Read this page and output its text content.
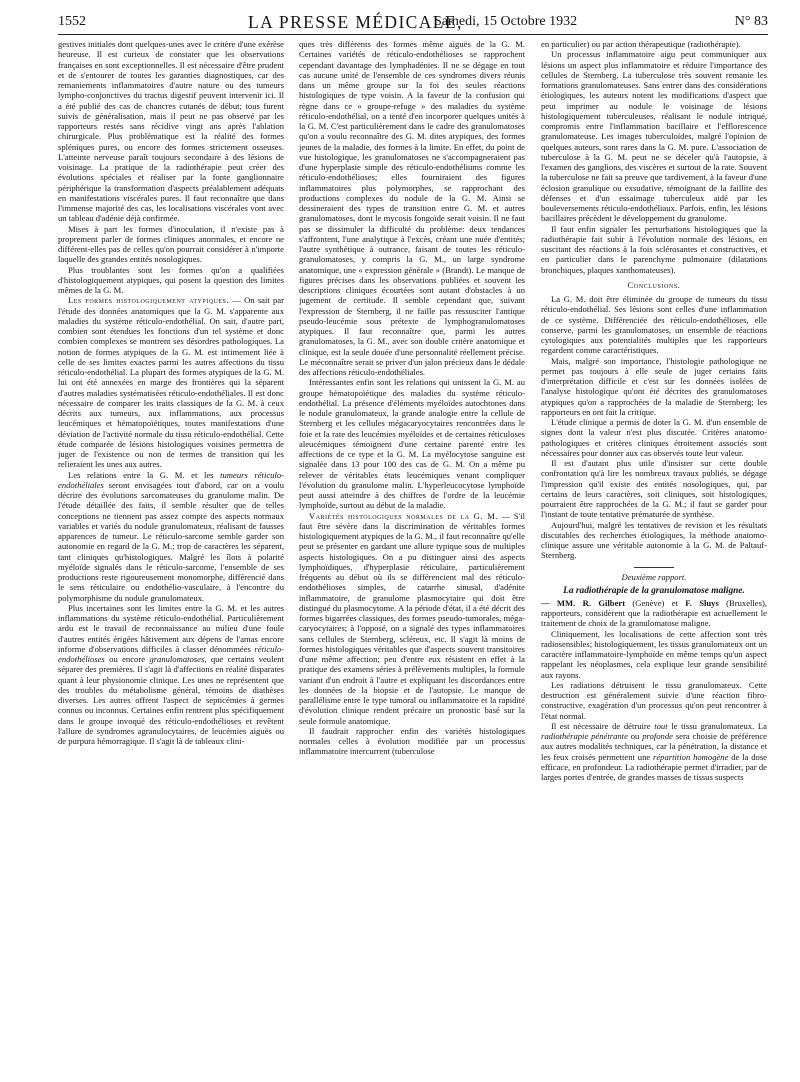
1552	LA PRESSE MÉDICALE,
Samedi, 15 Octobre 1932	N° 83

gestives initiales dont quelques-unes avec le critère d'une exérèse heureuse. Il est curieux de constater que les observations françaises en sont exceptionnelles. Il est nécessaire d'être prudent et de s'entourer de toutes les garanties diagnostiques, car des remaniements inflammatoires d'autre nature ou des tumeurs lympho-conjonctives du tractus digestif peuvent intervenir ici. Il a été publié des cas de chancres cutanés de début; tous furent suivis de généralisation, mais il peut ne pas observé par les rapporteurs restés sans récidive vingt ans après l'ablation chirurgicale. Plus problématique est la réalité des formes spléniques pures, ou encore des formes strictement osseuses. L'atteinte nerveuse paraît toujours secondaire à des lésions de voisinage. La pratique de la radiothérapie peut créer des évolutions spéciales et réaliser par la fonte ganglionnaire périphérique la transformation d'aspects préalablement adéquats en manifestations viscérales pures. Il faut reconnaître que dans l'immense majorité des cas, les localisations viscérales vont avec un tableau d'adénie déjà confirmée.

Mises à part les formes d'inoculation, il n'existe pas à proprement parler de formes cliniques anormales, et encore ne différent-elles pas de celles qu'on pourrait considérer à n'importe laquelle des grandes entités nosologiques.

Plus troublantes sont les formes qu'on a qualifiées d'histologiquement atypiques, qui posent la question des limites mêmes de la G. M.

Les formes histologiquement atypiques. — On sait par l'étude des données anatomiques que la G. M. s'apparente aux maladies du système réticulo-endothélial. On sait, d'autre part, combien sont étendues les fonctions d'un tel système et donc combien complexes se montrent ses désordres pathologiques. La notion de formes atypiques de la G. M. est intimement liée à celle de ses limites exactes parmi les autres affections du tissu réticulo-endothélial. La plupart des formes atypiques de la G. M. lui ont été annexées en marge des frontières qui la séparent d'autres maladies systématisées réticulo-endothéliales. Il est donc nécessaire de comparer les traits classiques de la G. M. à ceux décrits aux tumeurs, aux inflammations, aux processus leucémiques et hématopoïétiques, toutes manifestations d'une déviation de l'activité normale du tissu réticulo-endothélial. Cette étude comparée de lésions histologiques voisines permettra de juger de l'existence ou non de termes de transition qui les relieraient les unes aux autres.

Les relations entre la G. M. et les tumeurs réticulo-endothéliales seront envisagées tout d'abord, car on a voulu décrire des évolutions sarcomateuses du granulome malin. De l'étude détaillée des faits, il semble résulter que de telles conceptions ne tiennent pas assez compte des aspects normaux variables et variés du nodule granulomateux, réalisant de fausses apparences de tumeur. Le réticulo-sarcome semble garder son autonomie en regard de la G. M.; trop de caractères les séparent, tant cliniques qu'histologiques. Malgré les îlots à polarité myéloïde signalés dans le réticulo-sarcome, l'ensemble de ses productions reste rigoureusement monomorphe, différencié dans le sens réticulaire ou endothélio-vasculaire, à l'encontre du polymorphisme du nodule granulomateux.

Plus incertaines sont les limites entre la G. M. et les autres inflammations du système réticulo-endothélial. Particulièrement ardu est le travail de reconnaissance au milieu d'une foule d'autres entités érigées hâtivement aux dépens de l'amas encore informe d'observations difficiles à classer dénommées réticulo-endothélioses ou encore granulomatoses, que certains veulent séparer des premières. Il s'agit là d'affections en réalité disparates quant à leur physionomie clinique. Les unes ne représentent que des troubles du métabolisme général, témoins de diathèses diverses. Les autres offrent l'aspect de septicémies à germes connus ou inconnus. Certaines enfin rentrent plus spécifiquement dans le groupe invoqué des réticulo-endothélioses et revêtent l'allure de syndromes agranulocytaires, de leucémies aiguës ou de purpura hémorragique. Il s'agit là de tableaux clini-

ques très différents des formes même aiguës de la G. M. Certaines variétés de réticulo-endothélioses se rapprochent cependant davantage des lymphadénies. Il ne se dégage en tout cas aucune unité de l'ensemble de ces syndromes divers réunis dans un même groupe sur la foi des seules réactions histologiques de type voisin. A la faveur de la confusion qui règne dans ce « groupe-refuge » des maladies du système réticulo-endothélial, on a tenté d'en incorporer quelques unités à la G. M. C'est particulièrement dans le cadre des granulomatoses qu'on a voulu reconnaître des G. M. dites atypiques, des formes jeunes de la maladie, des formes à la limite. En effet, du point de vue histologique, les granulomatoses ne s'accompagneraient pas d'une hyperplasie simple des réticulo-endothéliums comme les réticulo-endothélioses; elles fourniraient des figures inflammatoires plus polymorphes, se rapprochant des productions complexes du nodule de la G. M. Ainsi se dessineraient des types de transition entre G. M. et autres granulomatoses, dont le mycosis fongoïde serait voisin. Il ne faut pas se dissimuler la difficulté du problème: deux tendances s'affrontent, l'une analytique à l'excès, créant une nuée d'entités; l'autre synthétique à outrance, faisant de toutes les réticulo-granulomatoses, y compris la G. M., un large syndrome anatomique, une « expression générale » (Brandt). Le manque de figures précises dans les observations publiées et souvent les descriptions cliniques écourtées sont autant d'obstacles à un jugement de certitude. Il semble cependant que, suivant l'expression de Sternberg, il ne faille pas ressusciter l'antique pseudo-leucémie sous prétexte de lymphogranulomatoses atypiques. Il faut reconnaître que, parmi les autres granulomatoses, la G. M., avec son double critère anatomique et clinique, est la seule douée d'une personnalité réellement précise. Le méconnaître serait se priver d'un jalon précieux dans le dédale des affections réticulo-endothéliales.

Intéressantes enfin sont les relations qui unissent la G. M. au groupe hématopoïétique des maladies du système réticulo-endothélial. La présence d'éléments myéloïdes autochtones dans le nodule granulomateux, la grande analogie entre la cellule de Sternberg et les cellules mégacaryocytaires rencontrées dans le foie et la rate des leucémies myéloïdes et de certaines réticuloses aleucémiques témoignent d'une certaine parenté entre les affections de ce type et la G. M. La myélocytose sanguine est signalée dans 13 pour 100 des cas de G. M. On a même pu relever de véritables états leucémiques venant compliquer l'évolution du granulome malin. L'hyperleucocytose lymphoïde peut aussi atteindre à des chiffres de l'ordre de la leucémie lymphoïde, surtout au début de la maladie.

Variétés histologiques normales de la G. M. — S'il faut être sévère dans la discrimination de véritables formes histologiquement atypiques de la G. M., il faut reconnaître qu'elle peut se présenter en gardant une allure typique sous de multiples aspects histologiques. On a pu distinguer ainsi des aspects lymphoïdiques, d'hyperplasie réticulaire, particulièrement fréquents au début où ils se différencient mal des réticulo-endothélioses simples, de catarrhe sinusal, d'adénite inflammatoire, de granulome plasmocytaire qui doit être distingué du plasmocytome. A la période d'état, il a été décrit des formes bigarrées classiques, des formes pseudo-tumorales, méga-caryocytaires; à l'opposé, on a signalé des types inflammatoires sans cellules de Sternberg, scléreux, etc. Il s'agit là moins de formes histologiques véritables que d'aspects souvent transitoires d'une même affection; peu d'entre eux résistent en effet à la pratique des examens séries à prélèvements multiples, la formule variant d'un endroit à l'autre et expliquant les discordances entre les données de la biopsie et de l'autopsie. Le manque de parallélisme entre le type tumoral ou inflammatoire et la rapidité d'évolution clinique rendent précaire un pronostic basé sur la seule formule anatomique.

Il faudrait rapprocher enfin des variétés histologiques normales celles à évolution modifiée par un processus inflammatoire intercurrent (tuberculose

en particulier) ou par action thérapeutique (radiothérapie).

Un processus inflammatoire aigu peut communiquer aux lésions un aspect plus inflammatoire et réduire l'importance des cellules de Sternberg. La tuberculose très souvent remanie les formations granulomateuses. Sans entrer dans des considérations étiologiques, les auteurs notent les modifications d'aspect que peut imprimer au nodule le voisinage de lésions histologiquement tuberculeuses, réalisant le nodule intriqué, compromis entre l'inflammation bacillaire et l'efflorescence granulomateuse. Les images tuberculoïdes, malgré l'opinion de quelques auteurs, sont rares dans la G. M. pure. L'association de tuberculose à la G. M. peut ne se déceler qu'à l'autopsie, à l'examen des ganglions, des viscères et surtout de la rate. Souvent la tuberculose ne fait sa preuve que tardivement, à la faveur d'une éclosion granulique ou exsudative, témoignant de la faillite des défenses et d'un essaimage tuberculeux aidé par les bouleversements réticulo-endothéliaux. Parfois, enfin, les lésions bacillaires précèdent le développement du granulome.

Il faut enfin signaler les perturbations histologiques que la radiothérapie fait subir à l'évolution normale des lésions, en suscitant des réactions à la fois sclérosantes et constructives, et en particulier dans le parenchyme pulmonaire (dilatations bronchiques, plaques xanthomateuses).

Conclusions.

La G. M. doit être éliminée du groupe de tumeurs du tissu réticulo-endothélial. Ses lésions sont celles d'une inflammation de ce système. Différenciée des réticulo-endothélioses, elle conserve, parmi les granulomatoses, un ensemble de réactions cytologiques aux potentialités multiples que les rapporteurs regardent comme caractéristiques.

Mais, malgré son importance, l'histologie pathologique ne permet pas toujours à elle seule de juger certains faits d'interprétation difficile et c'est sur les données isolées de l'analyse histologique qu'ont été décrites des granulomatoses atypiques qu'on a rapprochées de la maladie de Sternberg; les rapporteurs en ont fait la critique.

L'étude clinique a permis de doter la G. M. d'un ensemble de signes dont la valeur n'est plus discutée. Critères anatomo-pathologiques et critères cliniques étroitement associés sont nécessaires pour donner aux cas observés toute leur valeur.

Il est d'autant plus utile d'insister sur cette double confrontation qu'à lire les nombreux travaux publiés, se dégage l'impression qu'il existe des entités nosologiques, qui, par certains de leurs caractères, soit cliniques, soit histologiques, pourraient être rapprochées de la G. M.; il faut se garder pour l'instant de toute tentative prématurée de synthèse.

Aujourd'hui, malgré les tentatives de revision et les résultats discutables des recherches étiologiques, la méthode anatomo-clinique assure une véritable autonomie à la G. M. de Paltauf-Sternberg.

Deuxième rapport.
La radiothérapie de la granulomatose maligne.

— MM. R. Gilbert (Genève) et F. Sluys (Bruxelles), rapporteurs, considèrent que la radiothérapie est actuellement le traitement de choix de la granulomatose maligne.

Cliniquement, les localisations de cette affection sont très radiosensibles; histologiquement, les tissus granulomateux ont un caractère inflammatoire-lymphoïde en même temps qu'un aspect rappelant les néoplasmes, cela explique leur grande sensibilité aux rayons.

Les radiations détruisent le tissu granulomateux. Cette destruction est généralement suivie d'une réaction fibro-constructive, exagération d'un processus qu'on peut rencontrer à l'état normal.

Il est nécessaire de détruire tout le tissu granulomateux. La radiothérapie pénétrante ou profonde sera choisie de préférence aux autres modalités techniques, car la pénétration, la distance et les feux croisés permettent une répartition homogène de la dose efficace, en profondeur. La radiothérapie permet d'irradier, par de larges portes d'entrée, de grandes masses de tissus suspects
